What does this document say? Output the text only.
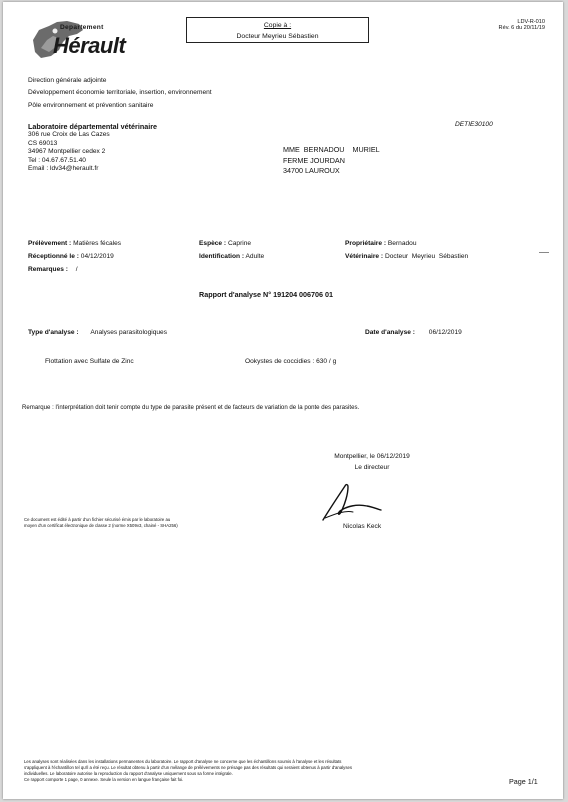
Departement
Hérault
Copie à :
Docteur Meyrieu Sébastien
LDV-R-010
Rév. 6 du 20/11/19
Direction générale adjointe
Développement économie territoriale, insertion, environnement
Pôle environnement et prévention sanitaire
Laboratoire départemental vétérinaire
306 rue Croix de Las Cazes
CS 69013
34967 Montpellier cedex 2
Tel : 04.67.67.51.40
Email : ldv34@herault.fr
DETIE30100
MME  BERNADOU    MURIEL
FERME JOURDAN
34700 LAUROUX
Prélèvement : Matières fécales	Espèce : Caprine	Propriétaire : Bernadou
Réceptionné le : 04/12/2019	Identification : Adulte	Vétérinaire : Docteur  Meyrieu  Sébastien
Remarques : /
Rapport d'analyse N° 191204 006706 01
Type d'analyse : Analyses parasitologiques	Date d'analyse : 06/12/2019
Flottation avec Sulfate de Zinc	Ookystes de coccidies : 630 / g
Remarque : l'interprétation doit tenir compte du type de parasite présent et de facteurs de variation de la ponte des parasites.
Montpellier, le 06/12/2019
Le directeur
Nicolas Keck
Ce document est édité à partir d'un fichier sécurisé émis par le laboratoire au
moyen d'un certificat électronique de classe 2 (norme X509v3, chainé - SHA256)
Les analyses sont réalisées dans les installations permanentes du laboratoire. Le rapport d'analyse ne concerne que les échantillons soumis à l'analyse et les résultats
s'appliquent à l'échantillon tel qu'il a été reçu. Le résultat obtenu à partir d'un mélange de prélèvements ne présage pas des résultats qui seraient obtenus à partir d'analyses
individuelles. Le laboratoire autorise la reproduction du rapport d'analyse uniquement sous sa forme intégrale.
Ce rapport comporte 1 page, 0 annexe. Seule la version en langue française fait foi.	Page 1/1
